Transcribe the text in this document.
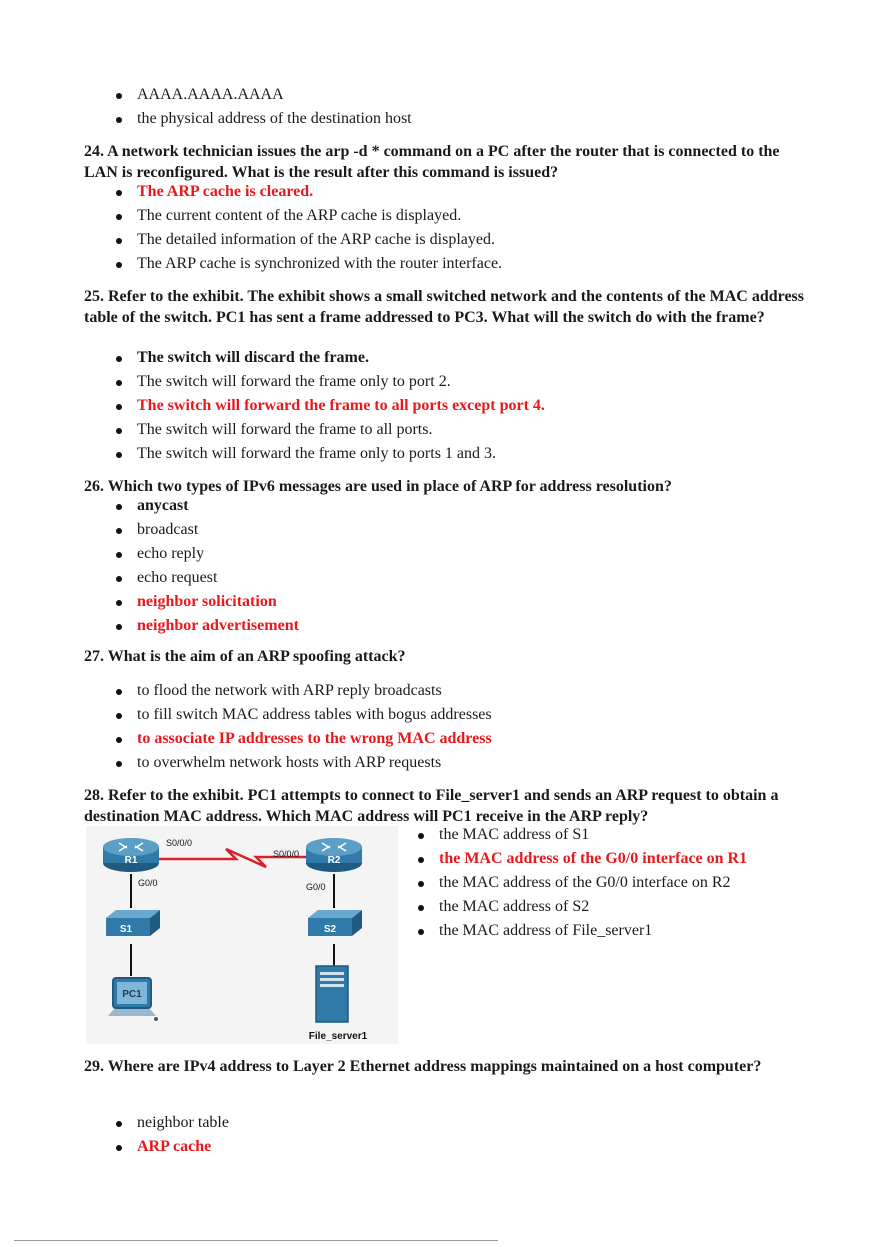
AAAA.AAAA.AAAA
the physical address of the destination host
24. A network technician issues the arp -d * command on a PC after the router that is connected to the LAN is reconfigured. What is the result after this command is issued?
The ARP cache is cleared.
The current content of the ARP cache is displayed.
The detailed information of the ARP cache is displayed.
The ARP cache is synchronized with the router interface.
25. Refer to the exhibit. The exhibit shows a small switched network and the contents of the MAC address table of the switch. PC1 has sent a frame addressed to PC3. What will the switch do with the frame?
The switch will discard the frame.
The switch will forward the frame only to port 2.
The switch will forward the frame to all ports except port 4.
The switch will forward the frame to all ports.
The switch will forward the frame only to ports 1 and 3.
26. Which two types of IPv6 messages are used in place of ARP for address resolution?
anycast
broadcast
echo reply
echo request
neighbor solicitation
neighbor advertisement
27. What is the aim of an ARP spoofing attack?
to flood the network with ARP reply broadcasts
to fill switch MAC address tables with bogus addresses
to associate IP addresses to the wrong MAC address
to overwhelm network hosts with ARP requests
28. Refer to the exhibit. PC1 attempts to connect to File_server1 and sends an ARP request to obtain a destination MAC address. Which MAC address will PC1 receive in the ARP reply?
the MAC address of S1
the MAC address of the G0/0 interface on R1
the MAC address of the G0/0 interface on R2
the MAC address of S2
the MAC address of File_server1
R1	R2
S0/0/0
S0/0/0
G0/0	G0/0
S1	S2
PC1
File_server1
29. Where are IPv4 address to Layer 2 Ethernet address mappings maintained on a host computer?
neighbor table
ARP cache
